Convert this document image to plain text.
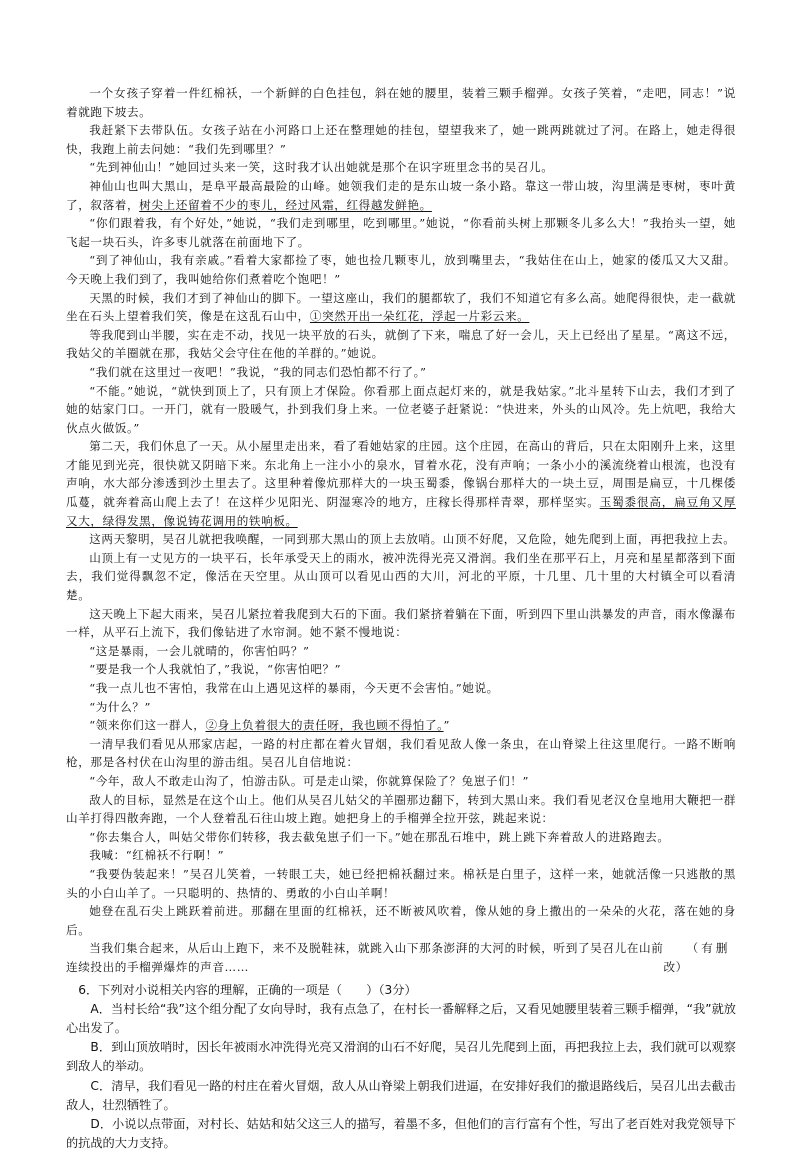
一个女孩子穿着一件红棉袄，一个新鲜的白色挂包，斜在她的腰里，装着三颗手榴弹。女孩子笑着，“走吧，同志！”说着就跑下坡去。

我赶紧下去带队伍。女孩子站在小河路口上还在整理她的挂包，望望我来了，她一跳两跳就过了河。在路上，她走得很快，我跑上前去问她：“我们先到哪里？”

“先到神仙山！”她回过头来一笑，这时我才认出她就是那个在识字班里念书的吴召儿。

神仙山也叫大黑山，是阜平最高最险的山峰。她领我们走的是东山坡一条小路。靠这一带山坡，沟里满是枣树，枣叶黄了，叙落着，树尖上还留着不少的枣儿，经过风霜，红得越发鲜艳。

“你们跟着我，有个好处，”她说，“我们走到哪里，吃到哪里。”她说，“你看前头树上那颗冬儿多么大！”我抬头一望，她飞起一块石头，许多枣儿就落在前面地下了。

“到了神仙山，我有亲戚。”看着大家都捡了枣，她也捡几颗枣儿，放到嘴里去，“我姑住在山上，她家的倭瓜又大又甜。今天晚上我们到了，我叫她给你们煮着吃个饱吧！”

天黑的时候，我们才到了神仙山的脚下。一望这座山，我们的腿都软了，我们不知道它有多么高。她爬得很快，走一截就坐在石头上望着我们笑，像是在这乱石山中，①突然开出一朵红花，浮起一片彩云来。

等我爬到山半腰，实在走不动，找见一块平放的石头，就倒了下来，喘息了好一会儿，天上已经出了星星。“离这不远，我姑父的羊圈就在那，我姑父会守住在他的羊群的。”她说。

“我们就在这里过一夜吧！”我说，“我的同志们恐怕都不行了。”

“不能。”她说，“就快到顶上了，只有顶上才保险。你看那上面点起灯来的，就是我姑家。”北斗星转下山去，我们才到了她的姑家门口。一开门，就有一股暖气，扑到我们身上来。一位老婆子赶紧说：“快进来，外头的山风冷。先上炕吧，我给大伙点火做饭。”

第二天，我们休息了一天。从小屋里走出来，看了看她姑家的庄园。这个庄园，在高山的背后，只在太阳刚升上来，这里才能见到光亮，很快就又阴暗下来。东北角上一注小小的泉水，冒着水花，没有声响；一条小小的溪流绕着山根流，也没有声响，水大部分渗透到沙土里去了。这里种着像炕那样大的一块玉蜀黍，像锅台那样大的一块土豆，周围是扁豆，十几棵倭瓜蔓，就奔着高山爬上去了！在这样少见阳光、阴湿寒冷的地方，庄稼长得那样青翠，那样坚实。玉蜀黍很高，扁豆角又厚又大，绿得发黑，像说铸花调用的铁响板。

这两天黎明，吴召儿就把我唤醒，一同到那大黑山的顶上去放哨。山顶不好爬，又危险，她先爬到上面，再把我拉上去。

山顶上有一丈见方的一块平石，长年承受天上的雨水，被冲洗得光亮又滑润。我们坐在那平石上，月亮和星星都落到下面去，我们觉得飘忽不定，像活在天空里。从山顶可以看见山西的大川，河北的平原，十几里、几十里的大村镇全可以看清楚。

这天晚上下起大雨来，吴召儿紧拉着我爬到大石的下面。我们紧挤着躺在下面，听到四下里山洪暴发的声音，雨水像瀑布一样，从平石上流下，我们像钻进了水帘洞。她不紧不慢地说：

“这是暴雨，一会儿就晴的，你害怕吗？”

“要是我一个人我就怕了，”我说，“你害怕吧？”

“我一点儿也不害怕，我常在山上遇见这样的暴雨，今天更不会害怕。”她说。

“为什么？”

“领来你们这一群人，②身上负着很大的责任呀，我也顾不得怕了。”

一清早我们看见从邢家店起，一路的村庄都在着火冒烟，我们看见敌人像一条虫，在山脊梁上往这里爬行。一路不断响枪，那是各村伏在山沟里的游击组。吴召儿自信地说：

“今年，敌人不敢走山沟了，怕游击队。可是走山梁，你就算保险了？兔崽子们！”

敌人的目标，显然是在这个山上。他们从吴召儿姑父的羊圈那边翻下，转到大黑山来。我们看见老汉仓皇地用大鞭把一群山羊打得四散奔跑，一个人登着乱石往山坡上跑。她把身上的手榴弹全拉开弦，跳起来说：

“你去集合人，叫姑父带你们转移，我去截兔崽子们一下。”她在那乱石堆中，跳上跳下奔着敌人的进路跑去。

我喊：“红棉袄不行啊！”

“我要伪装起来！”吴召儿笑着，一转眼工夫，她已经把棉袄翻过来。棉袄是白里子，这样一来，她就活像一只逃散的黑头的小白山羊了。一只聪明的、热情的、勇敢的小白山羊啊！

她登在乱石尖上跳跃着前进。那翻在里面的红棉袄，还不断被风吹着，像从她的身上撒出的一朵朵的火花，落在她的身后。

当我们集合起来，从后山上跑下，来不及脱鞋袜，就跳入山下那条澎湃的大河的时候，听到了吴召儿在山前连续投出的手榴弹爆炸的声音……
（有删改）

6．下列对小说相关内容的理解，正确的一项是（　　）（3分）

A．当村长给“我”这个组分配了女向导时，我有点急了，在村长一番解释之后，又看见她腰里装着三颗手榴弹，“我”就放心出发了。

B．到山顶放哨时，因长年被雨水冲洗得光亮又滑润的山石不好爬，吴召儿先爬到上面，再把我拉上去，我们就可以观察到敌人的举动。

C．清早，我们看见一路的村庄在着火冒烟，敌人从山脊梁上朝我们进逼，在安排好我们的撤退路线后，吴召儿出去截击敌人，壮烈牺牲了。

D．小说以点带面，对村长、姑姑和姑父这三人的描写，着墨不多，但他们的言行富有个性，写出了老百姓对我党领导下的抗战的大力支持。
